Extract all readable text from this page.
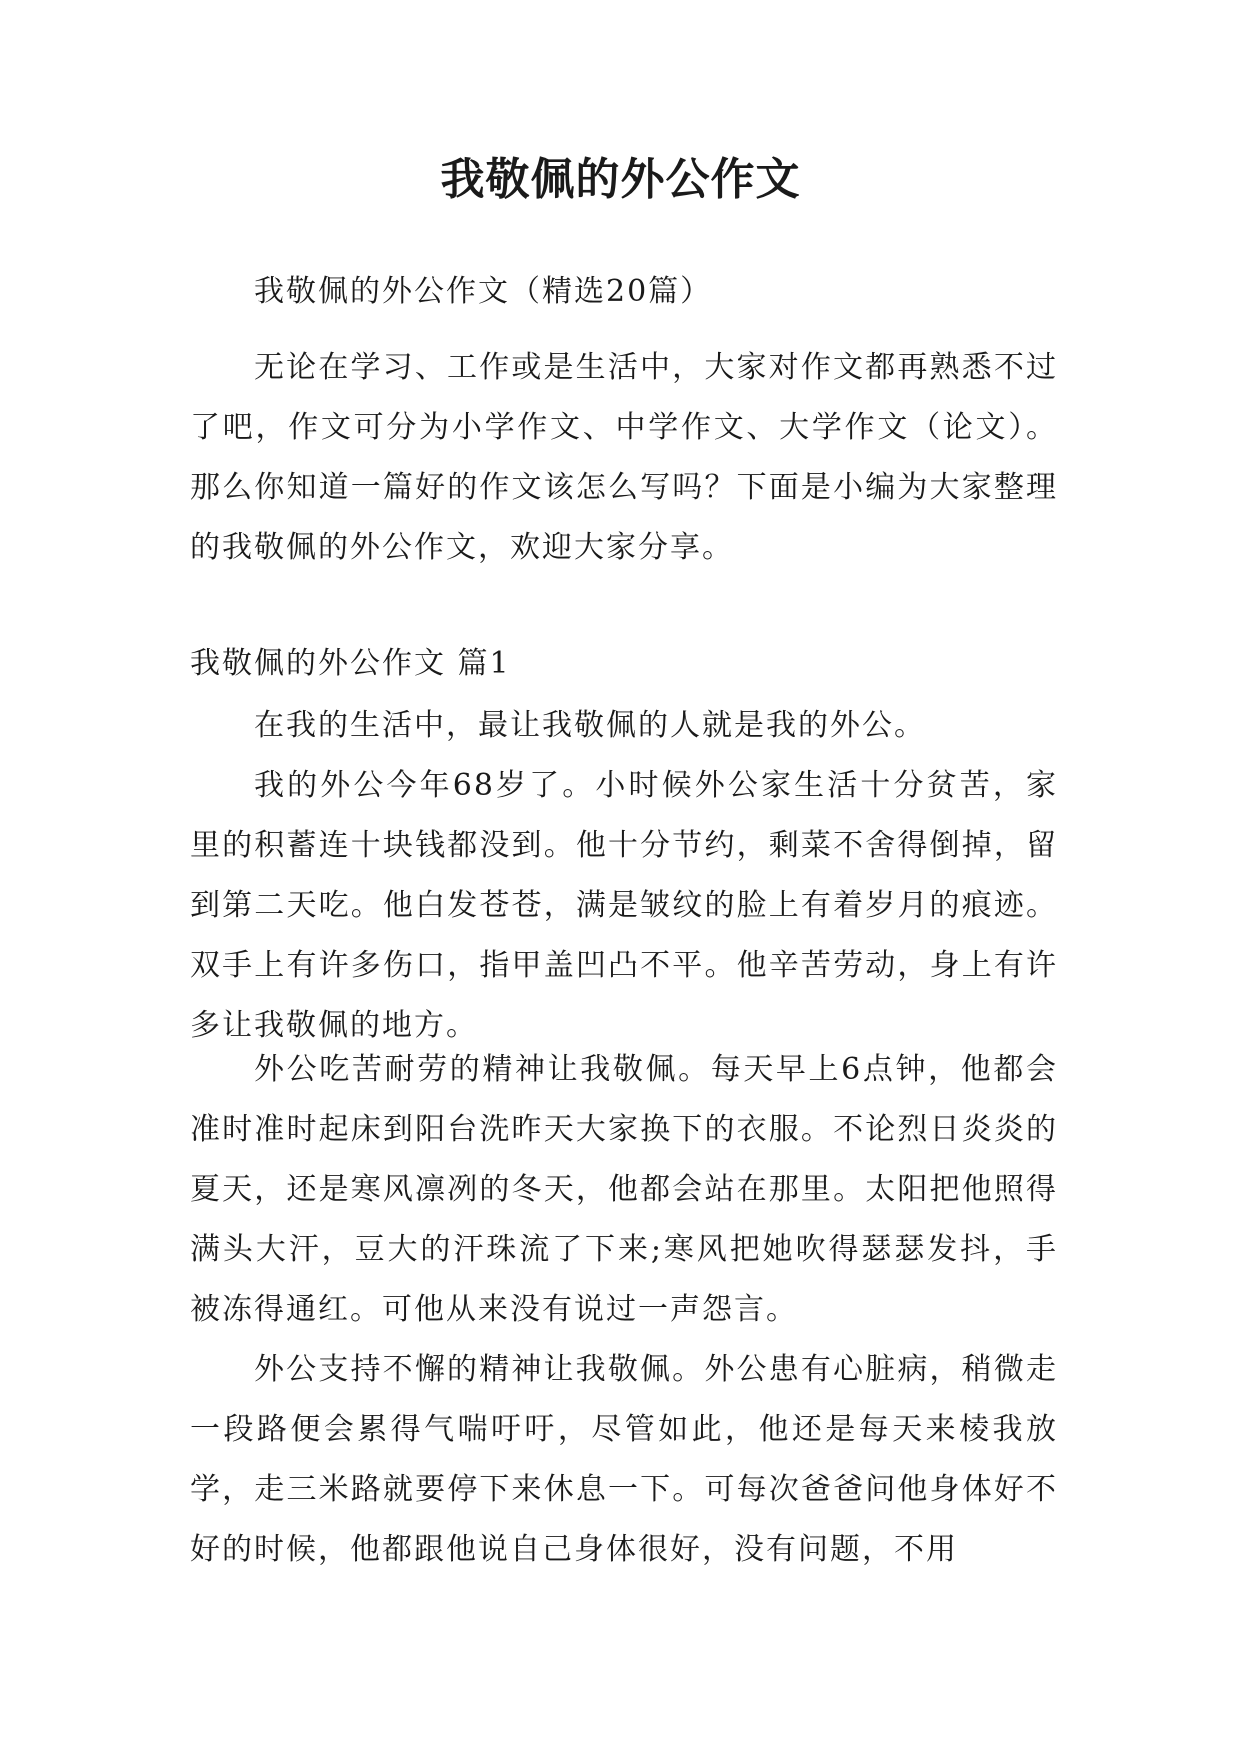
我敬佩的外公作文

我敬佩的外公作文（精选20篇）

无论在学习、工作或是生活中，大家对作文都再熟悉不过了吧，作文可分为小学作文、中学作文、大学作文（论文）。那么你知道一篇好的作文该怎么写吗？下面是小编为大家整理的我敬佩的外公作文，欢迎大家分享。

我敬佩的外公作文 篇1

在我的生活中，最让我敬佩的人就是我的外公。

我的外公今年68岁了。小时候外公家生活十分贫苦，家里的积蓄连十块钱都没到。他十分节约，剩菜不舍得倒掉，留到第二天吃。他白发苍苍，满是皱纹的脸上有着岁月的痕迹。双手上有许多伤口，指甲盖凹凸不平。他辛苦劳动，身上有许多让我敬佩的地方。

外公吃苦耐劳的精神让我敬佩。每天早上6点钟，他都会准时准时起床到阳台洗昨天大家换下的衣服。不论烈日炎炎的夏天，还是寒风凛冽的冬天，他都会站在那里。太阳把他照得满头大汗，豆大的汗珠流了下来;寒风把她吹得瑟瑟发抖，手被冻得通红。可他从来没有说过一声怨言。

外公支持不懈的精神让我敬佩。外公患有心脏病，稍微走一段路便会累得气喘吁吁，尽管如此，他还是每天来棱我放学，走三米路就要停下来休息一下。可每次爸爸问他身体好不好的时候，他都跟他说自己身体很好，没有问题，不用
